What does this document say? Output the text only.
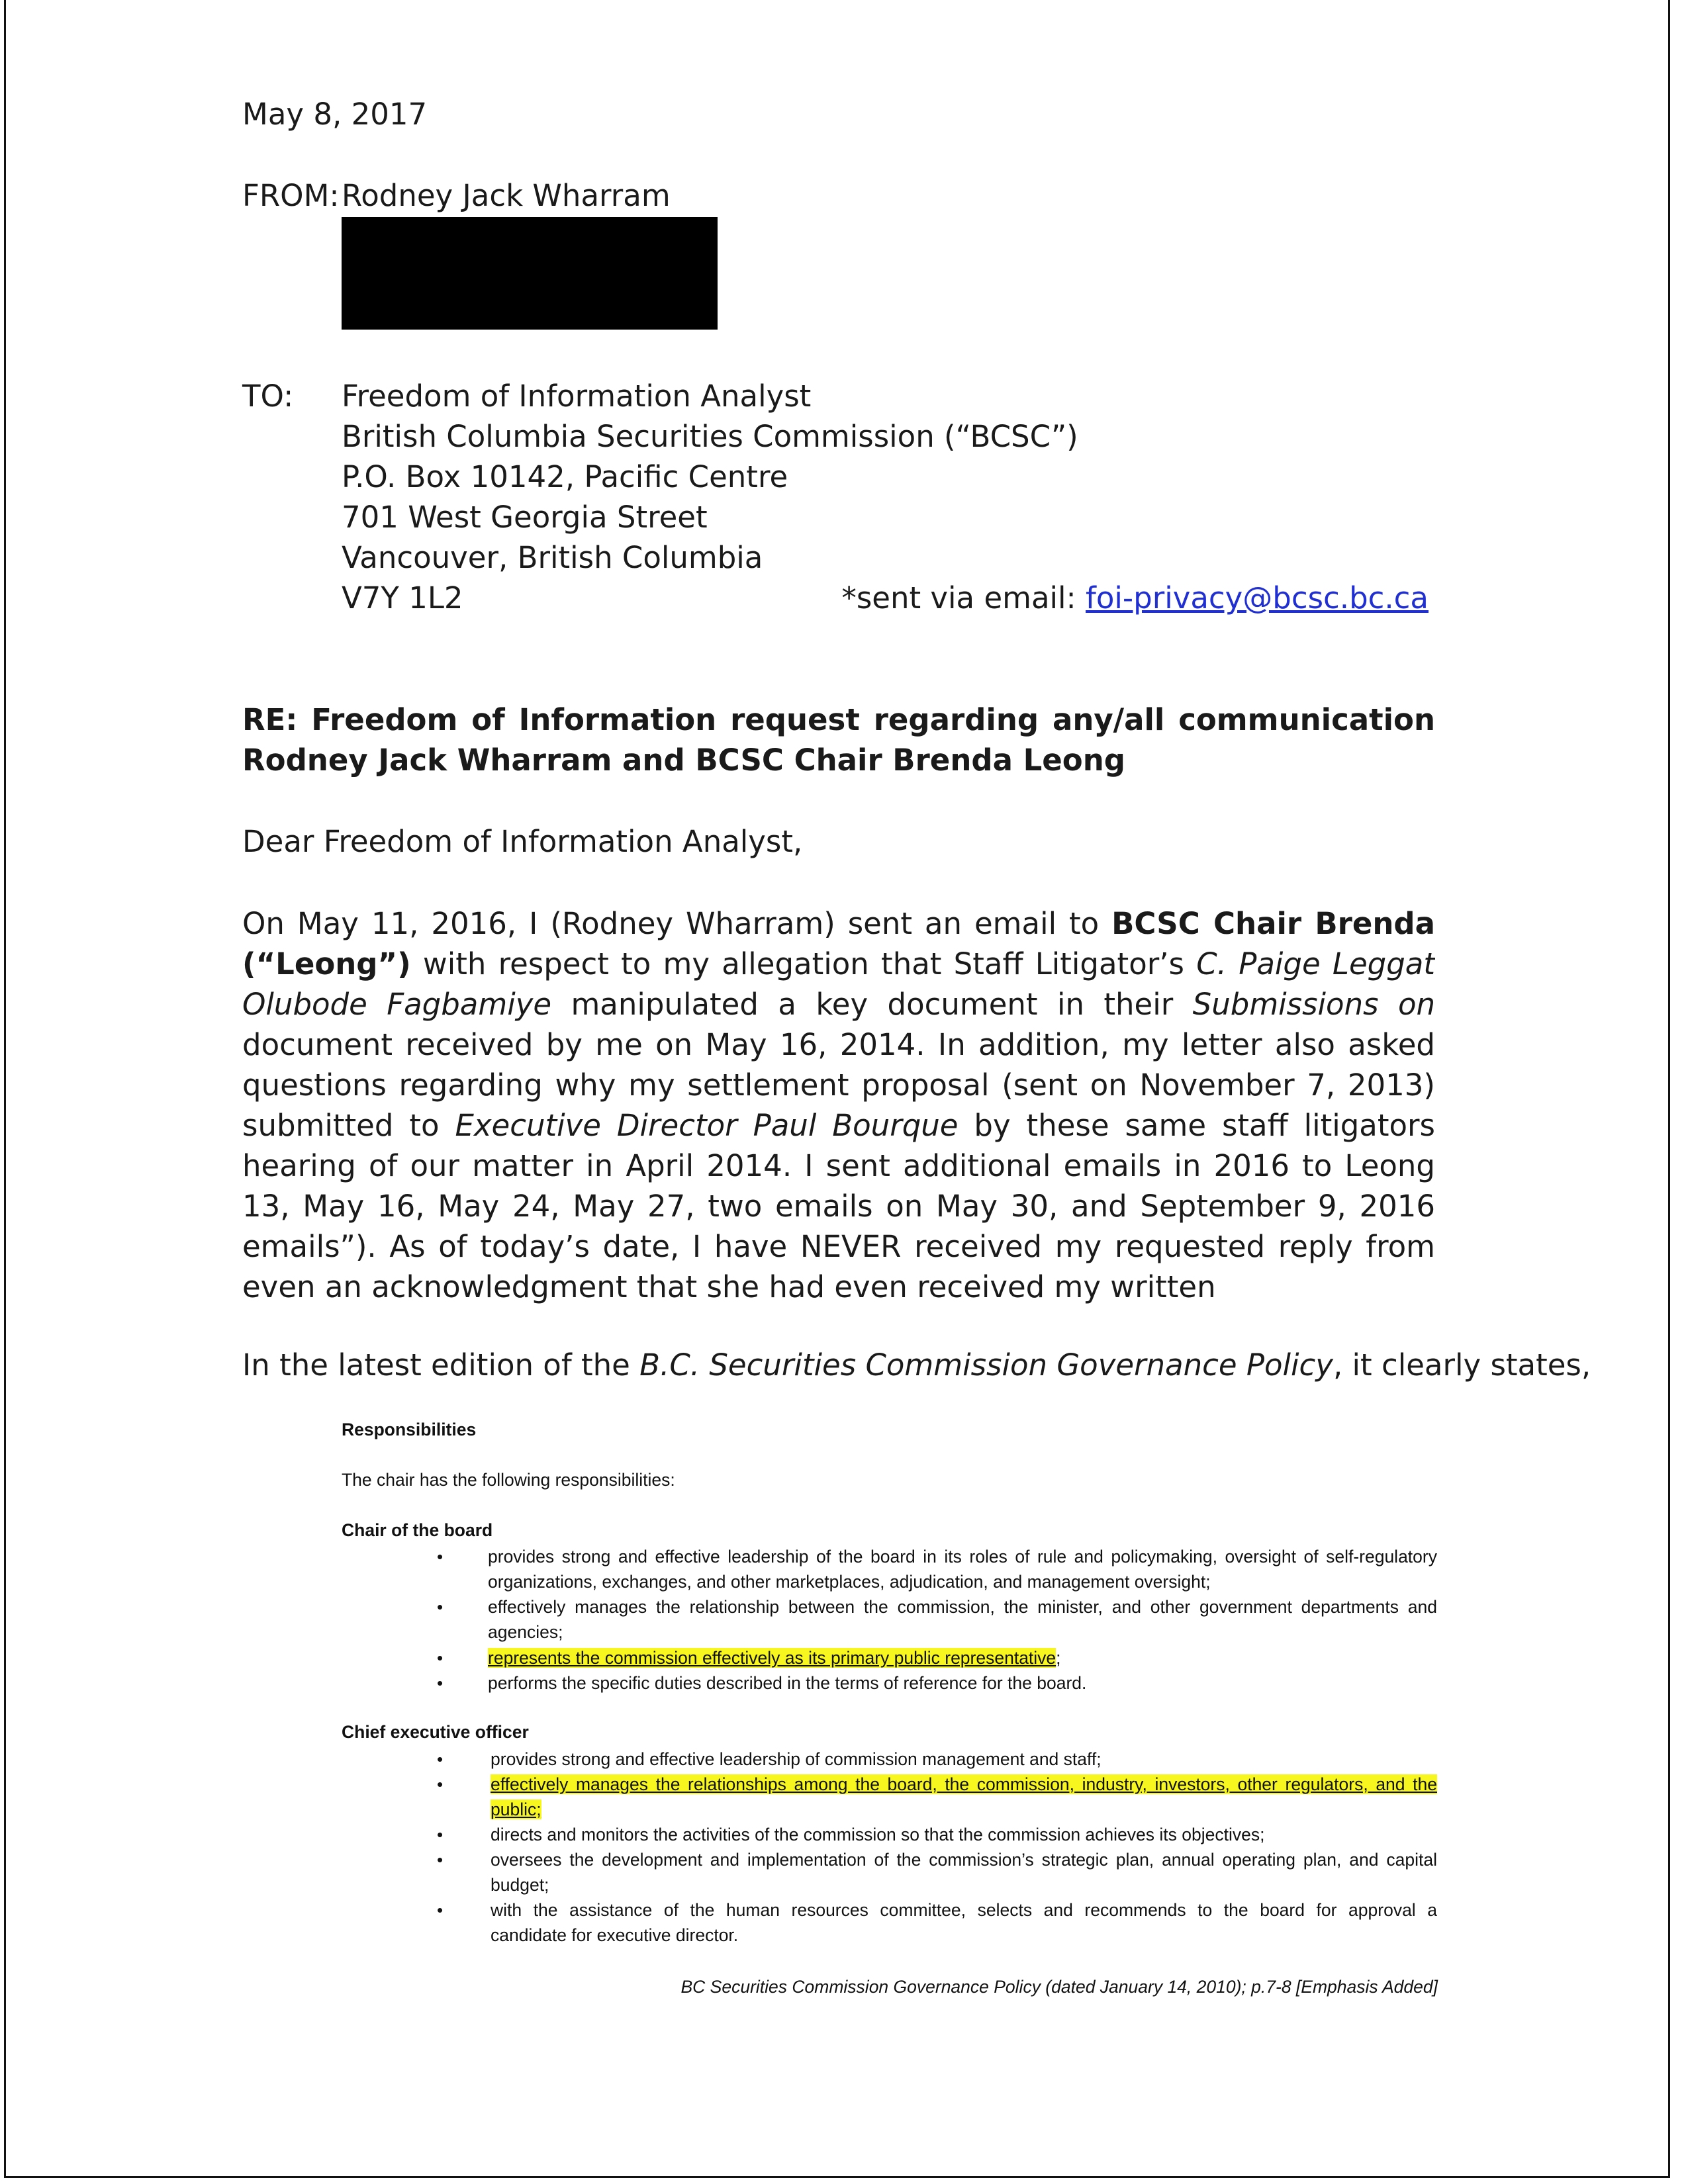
May 8, 2017
FROM: Rodney Jack Wharram
TO: Freedom of Information Analyst
British Columbia Securities Commission (“BCSC”)
P.O. Box 10142, Pacific Centre
701 West Georgia Street
Vancouver, British Columbia
V7Y 1L2	*sent via email: foi-privacy@bcsc.bc.ca
RE: Freedom of Information request regarding any/all communication
Rodney Jack Wharram and BCSC Chair Brenda Leong
Dear Freedom of Information Analyst,
On May 11, 2016, I (Rodney Wharram) sent an email to BCSC Chair Brenda
(“Leong”) with respect to my allegation that Staff Litigator’s C. Paige Leggat
Olubode Fagbamiye manipulated a key document in their Submissions on
document received by me on May 16, 2014. In addition, my letter also asked
questions regarding why my settlement proposal (sent on November 7, 2013)
submitted to Executive Director Paul Bourque by these same staff litigators
hearing of our matter in April 2014. I sent additional emails in 2016 to Leong
13, May 16, May 24, May 27, two emails on May 30, and September 9, 2016
emails”). As of today’s date, I have NEVER received my requested reply from
even an acknowledgment that she had even received my written
In the latest edition of the B.C. Securities Commission Governance Policy, it clearly states,
Responsibilities
The chair has the following responsibilities:
Chair of the board
•	provides strong and effective leadership of the board in its roles of rule and policymaking, oversight of self-regulatory
organizations, exchanges, and other marketplaces, adjudication, and management oversight;
•	effectively manages the relationship between the commission, the minister, and other government departments and
agencies;
•	represents the commission effectively as its primary public representative;
•	performs the specific duties described in the terms of reference for the board.
Chief executive officer
•	provides strong and effective leadership of commission management and staff;
•	effectively manages the relationships among the board, the commission, industry, investors, other regulators, and the
public;
•	directs and monitors the activities of the commission so that the commission achieves its objectives;
•	oversees the development and implementation of the commission’s strategic plan, annual operating plan, and capital
budget;
•	with the assistance of the human resources committee, selects and recommends to the board for approval a
candidate for executive director.
BC Securities Commission Governance Policy (dated January 14, 2010); p.7-8 [Emphasis Added]
